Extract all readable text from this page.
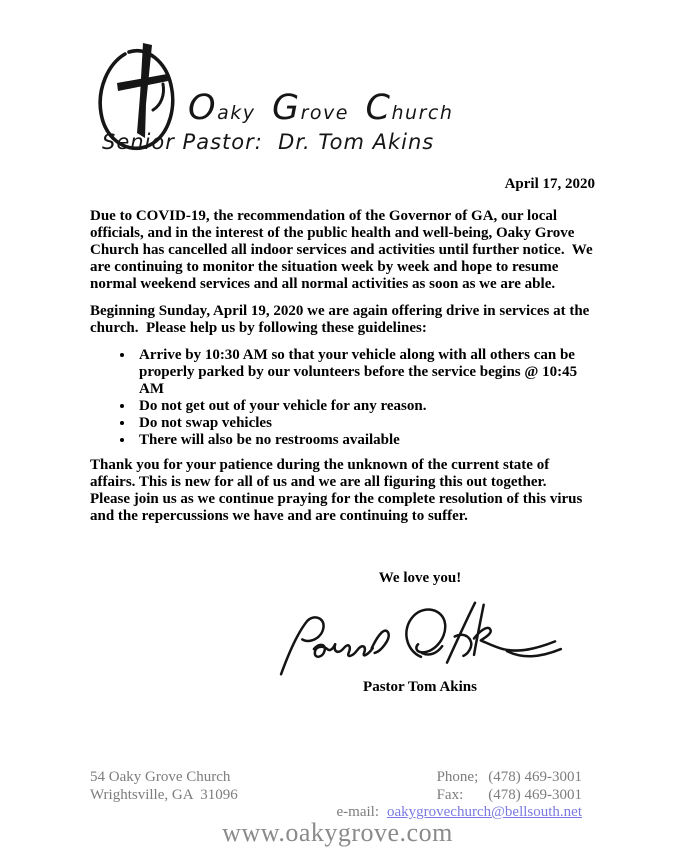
Oaky Grove Church
Senior Pastor:  Dr. Tom Akins
April 17, 2020

Due to COVID-19, the recommendation of the Governor of GA, our local officials, and in the interest of the public health and well-being, Oaky Grove Church has cancelled all indoor services and activities until further notice.  We are continuing to monitor the situation week by week and hope to resume normal weekend services and all normal activities as soon as we are able.

Beginning Sunday, April 19, 2020 we are again offering drive in services at the church.  Please help us by following these guidelines:

• Arrive by 10:30 AM so that your vehicle along with all others can be properly parked by our volunteers before the service begins @ 10:45 AM
• Do not get out of your vehicle for any reason.
• Do not swap vehicles
• There will also be no restrooms available

Thank you for your patience during the unknown of the current state of affairs. This is new for all of us and we are all figuring this out together.   Please join us as we continue praying for the complete resolution of this virus and the repercussions we have and are continuing to suffer.

We love you!

Pastor Tom Akins

54 Oaky Grove Church
Wrightsville, GA  31096
Phone; (478) 469-3001
Fax:	(478) 469-3001
e-mail: oakygrovechurch@bellsouth.net
www.oakygrove.com
